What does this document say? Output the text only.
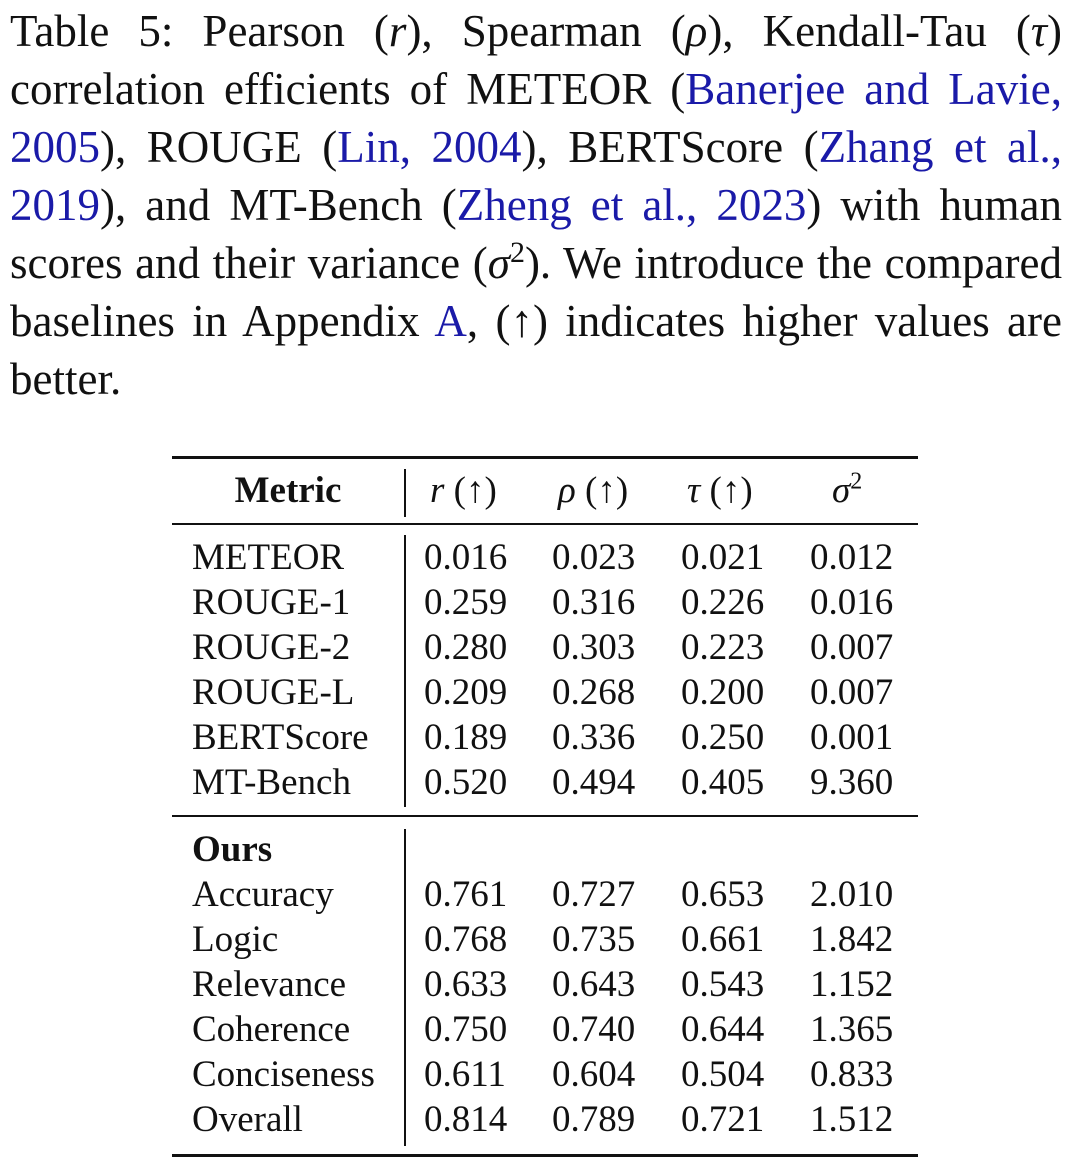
Table 5: Pearson (r), Spearman (ρ), Kendall-Tau (τ) correlation efficients of METEOR (Banerjee and Lavie, 2005), ROUGE (Lin, 2004), BERTScore (Zhang et al., 2019), and MT-Bench (Zheng et al., 2023) with human scores and their variance $(\sigma^2)$. We introduce the compared baselines in Appendix A, (↑) indicates higher values are better.
Metric	r (↑) ρ (↑) τ (↑) $\sigma^2$
METEOR 0.016 0.023 0.021 0.012
ROUGE-1 0.259 0.316 0.226 0.016
ROUGE-2 0.280 0.303 0.223 0.007
ROUGE-L 0.209 0.268 0.200 0.007
BERTScore 0.189 0.336 0.250 0.001
MT-Bench 0.520 0.494 0.405 9.360
Ours
Accuracy 0.761 0.727 0.653 2.010
Logic	0.768 0.735 0.661 1.842
Relevance 0.633 0.643 0.543 1.152
Coherence 0.750 0.740 0.644 1.365
Conciseness 0.611 0.604 0.504 0.833
Overall	0.814 0.789 0.721 1.512
